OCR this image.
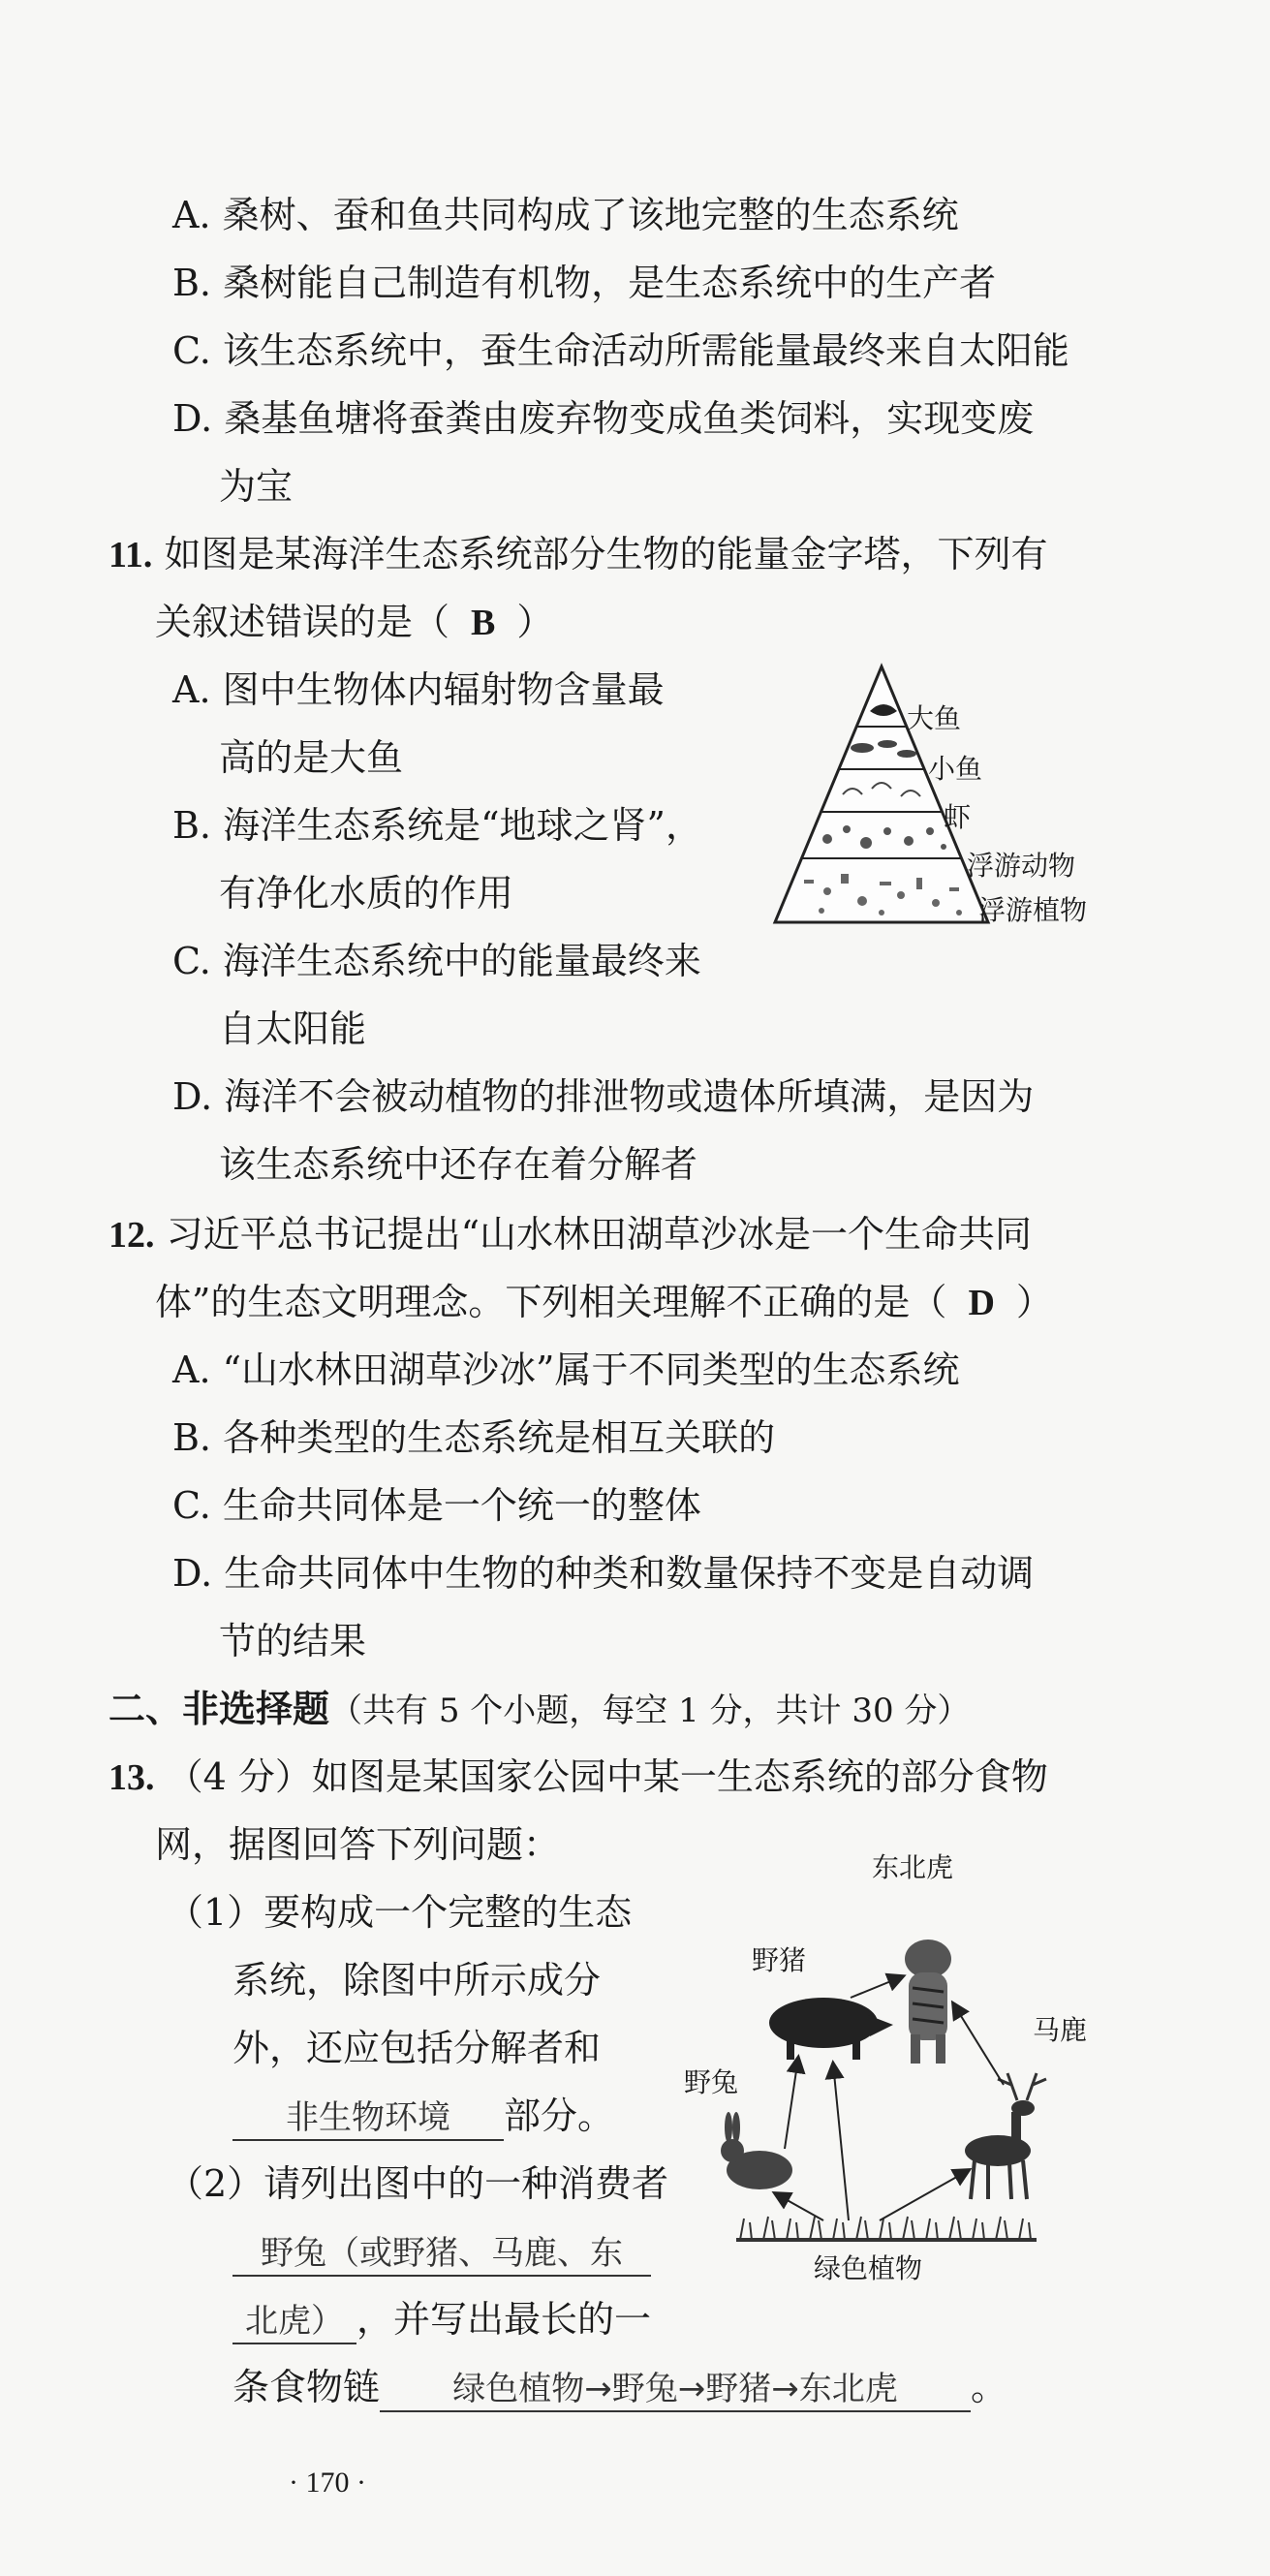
A. 桑树、蚕和鱼共同构成了该地完整的生态系统
B. 桑树能自己制造有机物，是生态系统中的生产者
C. 该生态系统中，蚕生命活动所需能量最终来自太阳能
D. 桑基鱼塘将蚕粪由废弃物变成鱼类饲料，实现变废
为宝
11. 如图是某海洋生态系统部分生物的能量金字塔，下列有
关叙述错误的是（ B ）
A. 图中生物体内辐射物含量最
高的是大鱼
B. 海洋生态系统是“地球之肾”，
有净化水质的作用
C. 海洋生态系统中的能量最终来
自太阳能
D. 海洋不会被动植物的排泄物或遗体所填满，是因为
该生态系统中还存在着分解者
大鱼
小鱼
虾
浮游动物
浮游植物
12. 习近平总书记提出“山水林田湖草沙冰是一个生命共同
体”的生态文明理念。下列相关理解不正确的是（ D ）
A. “山水林田湖草沙冰”属于不同类型的生态系统
B. 各种类型的生态系统是相互关联的
C. 生命共同体是一个统一的整体
D. 生命共同体中生物的种类和数量保持不变是自动调
节的结果
二、非选择题（共有 5 个小题，每空 1 分，共计 30 分）
13. （4 分）如图是某国家公园中某一生态系统的部分食物
网，据图回答下列问题：
（1）要构成一个完整的生态
系统，除图中所示成分
外，还应包括分解者和
非生物环境 部分。
（2）请列出图中的一种消费者
野兔（或野猪、马鹿、东
北虎） ，并写出最长的一
条食物链 绿色植物→野兔→野猪→东北虎 。
东北虎
野猪
马鹿
野兔
绿色植物
· 170 ·
